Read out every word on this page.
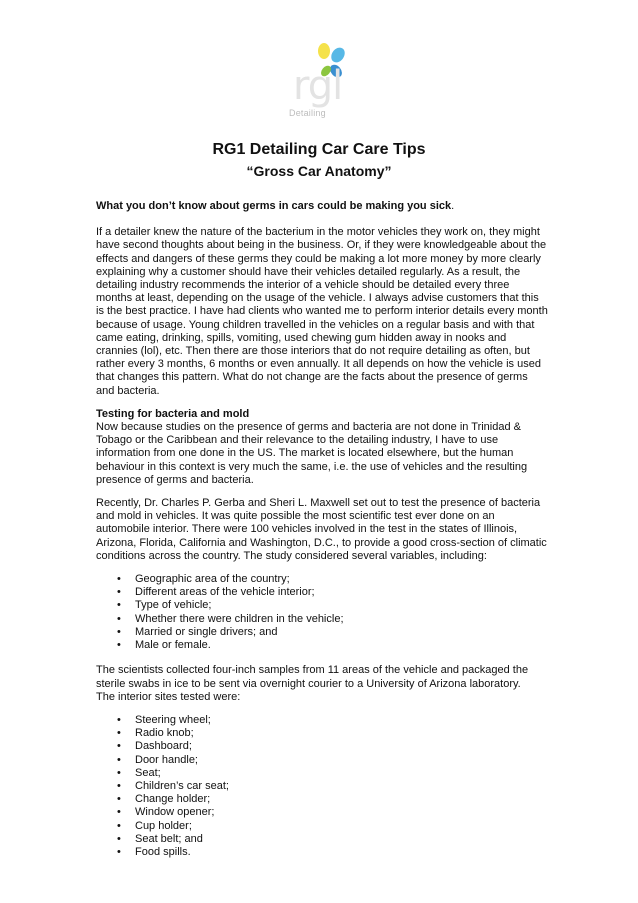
rgl
Detailing
RG1 Detailing Car Care Tips
“Gross Car Anatomy”

What you don’t know about germs in cars could be making you sick.

If a detailer knew the nature of the bacterium in the motor vehicles they work on, they might have second thoughts about being in the business. Or, if they were knowledgeable about the effects and dangers of these germs they could be making a lot more money by more clearly explaining why a customer should have their vehicles detailed regularly. As a result, the detailing industry recommends the interior of a vehicle should be detailed every three months at least, depending on the usage of the vehicle. I always advise customers that this is the best practice. I have had clients who wanted me to perform interior details every month because of usage. Young children travelled in the vehicles on a regular basis and with that came eating, drinking, spills, vomiting, used chewing gum hidden away in nooks and crannies (lol), etc. Then there are those interiors that do not require detailing as often, but rather every 3 months, 6 months or even annually. It all depends on how the vehicle is used that changes this pattern. What do not change are the facts about the presence of germs and bacteria.

Testing for bacteria and mold
Now because studies on the presence of germs and bacteria are not done in Trinidad & Tobago or the Caribbean and their relevance to the detailing industry, I have to use information from one done in the US. The market is located elsewhere, but the human behaviour in this context is very much the same, i.e. the use of vehicles and the resulting presence of germs and bacteria.

Recently, Dr. Charles P. Gerba and Sheri L. Maxwell set out to test the presence of bacteria and mold in vehicles. It was quite possible the most scientific test ever done on an automobile interior. There were 100 vehicles involved in the test in the states of Illinois, Arizona, Florida, California and Washington, D.C., to provide a good cross-section of climatic conditions across the country. The study considered several variables, including:

• Geographic area of the country;
• Different areas of the vehicle interior;
• Type of vehicle;
• Whether there were children in the vehicle;
• Married or single drivers; and
• Male or female.

The scientists collected four-inch samples from 11 areas of the vehicle and packaged the sterile swabs in ice to be sent via overnight courier to a University of Arizona laboratory.
The interior sites tested were:

• Steering wheel;
• Radio knob;
• Dashboard;
• Door handle;
• Seat;
• Children’s car seat;
• Change holder;
• Window opener;
• Cup holder;
• Seat belt; and
• Food spills.
